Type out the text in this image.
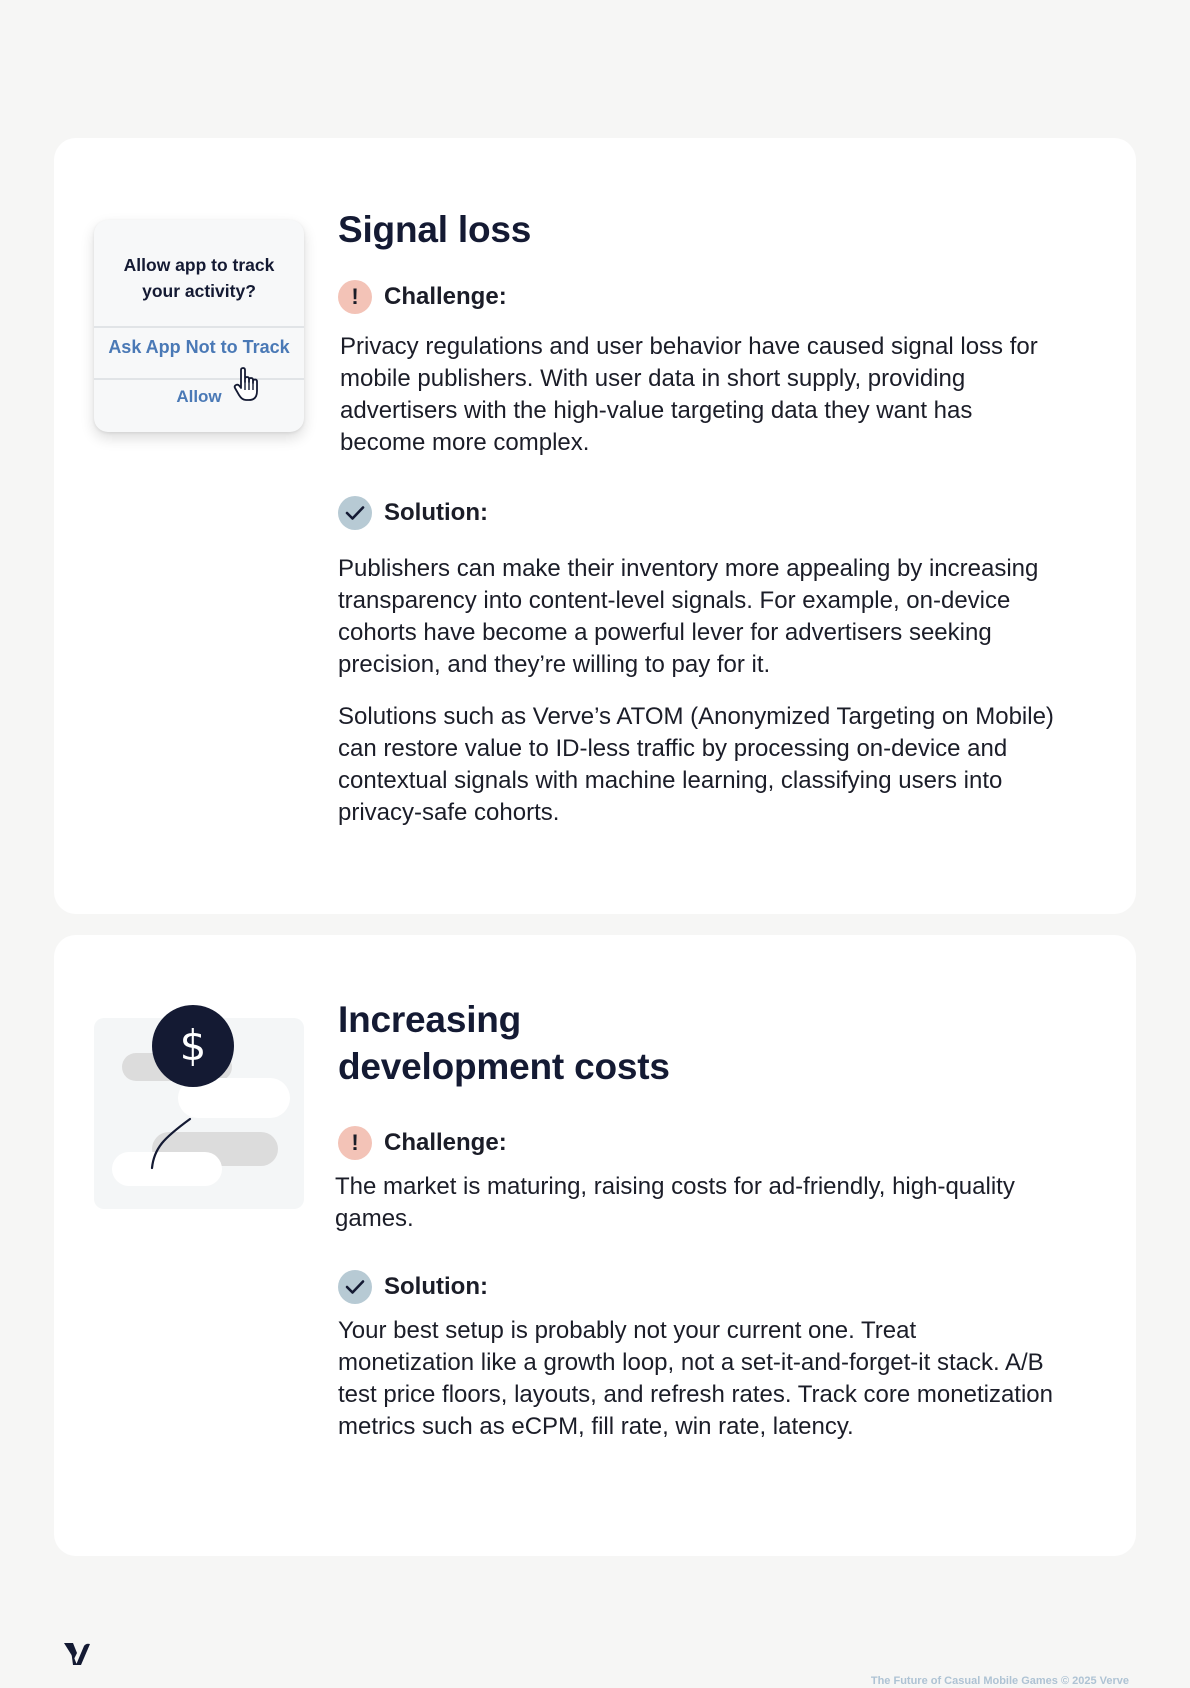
Allow app to track your activity?
Ask App Not to Track
Allow
Signal loss
! Challenge:

Privacy regulations and user behavior have caused signal loss for mobile publishers. With user data in short supply, providing advertisers with the high-value targeting data they want has become more complex.

Solution:

Publishers can make their inventory more appealing by increasing transparency into content-level signals. For example, on-device cohorts have become a powerful lever for advertisers seeking precision, and they’re willing to pay for it.

Solutions such as Verve’s ATOM (Anonymized Targeting on Mobile) can restore value to ID-less traffic by processing on-device and contextual signals with machine learning, classifying users into privacy-safe cohorts.

$
Increasing
development costs
! Challenge:

The market is maturing, raising costs for ad-friendly, high-quality games.

Solution:

Your best setup is probably not your current one. Treat monetization like a growth loop, not a set-it-and-forget-it stack. A/B test price floors, layouts, and refresh rates. Track core monetization metrics such as eCPM, fill rate, win rate, latency.

The Future of Casual Mobile Games © 2025 Verve
